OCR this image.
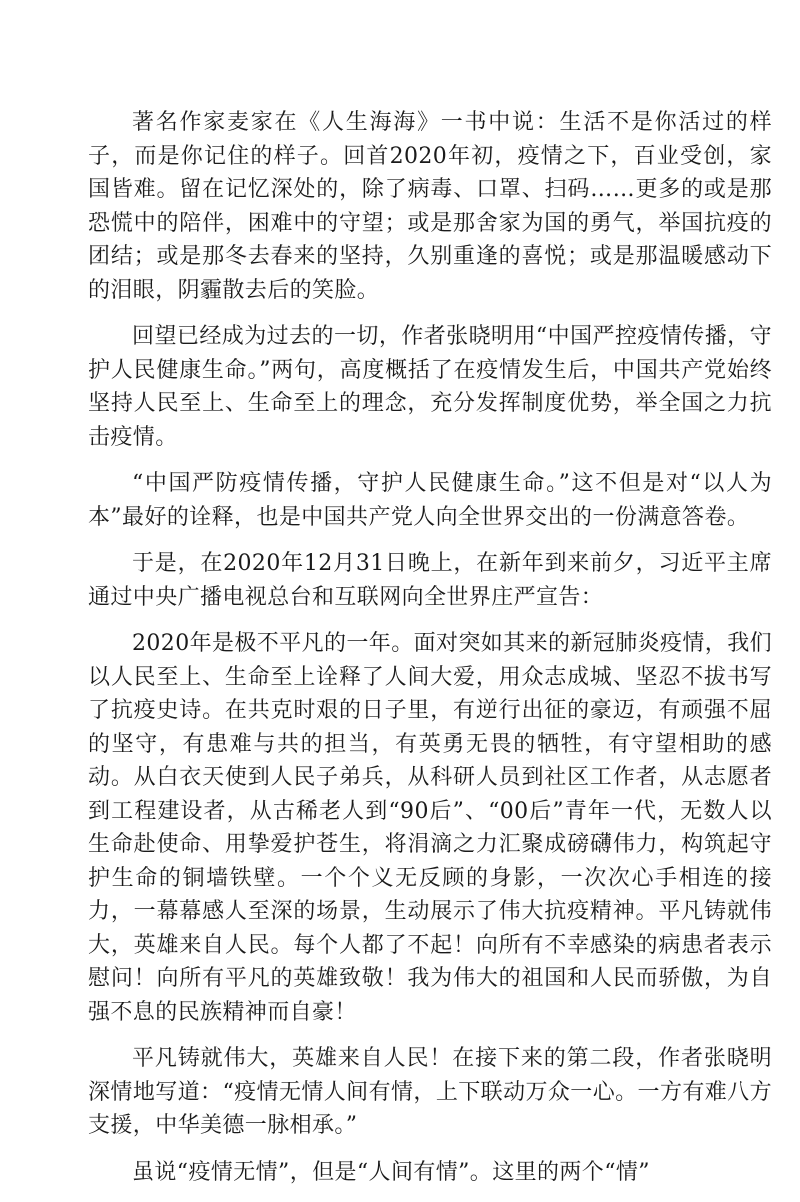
著名作家麦家在《人生海海》一书中说：生活不是你活过的样子，而是你记住的样子。回首2020年初，疫情之下，百业受创，家国皆难。留在记忆深处的，除了病毒、口罩、扫码……更多的或是那恐慌中的陪伴，困难中的守望；或是那舍家为国的勇气，举国抗疫的团结；或是那冬去春来的坚持，久别重逢的喜悦；或是那温暖感动下的泪眼，阴霾散去后的笑脸。

回望已经成为过去的一切，作者张晓明用“中国严控疫情传播，守护人民健康生命。”两句，高度概括了在疫情发生后，中国共产党始终坚持人民至上、生命至上的理念，充分发挥制度优势，举全国之力抗击疫情。

“中国严防疫情传播，守护人民健康生命。”这不但是对“以人为本”最好的诠释，也是中国共产党人向全世界交出的一份满意答卷。

于是，在2020年12月31日晚上，在新年到来前夕，习近平主席通过中央广播电视总台和互联网向全世界庄严宣告：

2020年是极不平凡的一年。面对突如其来的新冠肺炎疫情，我们以人民至上、生命至上诠释了人间大爱，用众志成城、坚忍不拔书写了抗疫史诗。在共克时艰的日子里，有逆行出征的豪迈，有顽强不屈的坚守，有患难与共的担当，有英勇无畏的牺牲，有守望相助的感动。从白衣天使到人民子弟兵，从科研人员到社区工作者，从志愿者到工程建设者，从古稀老人到“90后”、“00后”青年一代，无数人以生命赴使命、用挚爱护苍生，将涓滴之力汇聚成磅礴伟力，构筑起守护生命的铜墙铁壁。一个个义无反顾的身影，一次次心手相连的接力，一幕幕感人至深的场景，生动展示了伟大抗疫精神。平凡铸就伟大，英雄来自人民。每个人都了不起！向所有不幸感染的病患者表示慰问！向所有平凡的英雄致敬！我为伟大的祖国和人民而骄傲，为自强不息的民族精神而自豪！

平凡铸就伟大，英雄来自人民！在接下来的第二段，作者张晓明深情地写道：“疫情无情人间有情，上下联动万众一心。一方有难八方支援，中华美德一脉相承。”

虽说“疫情无情”，但是“人间有情”。这里的两个“情”
